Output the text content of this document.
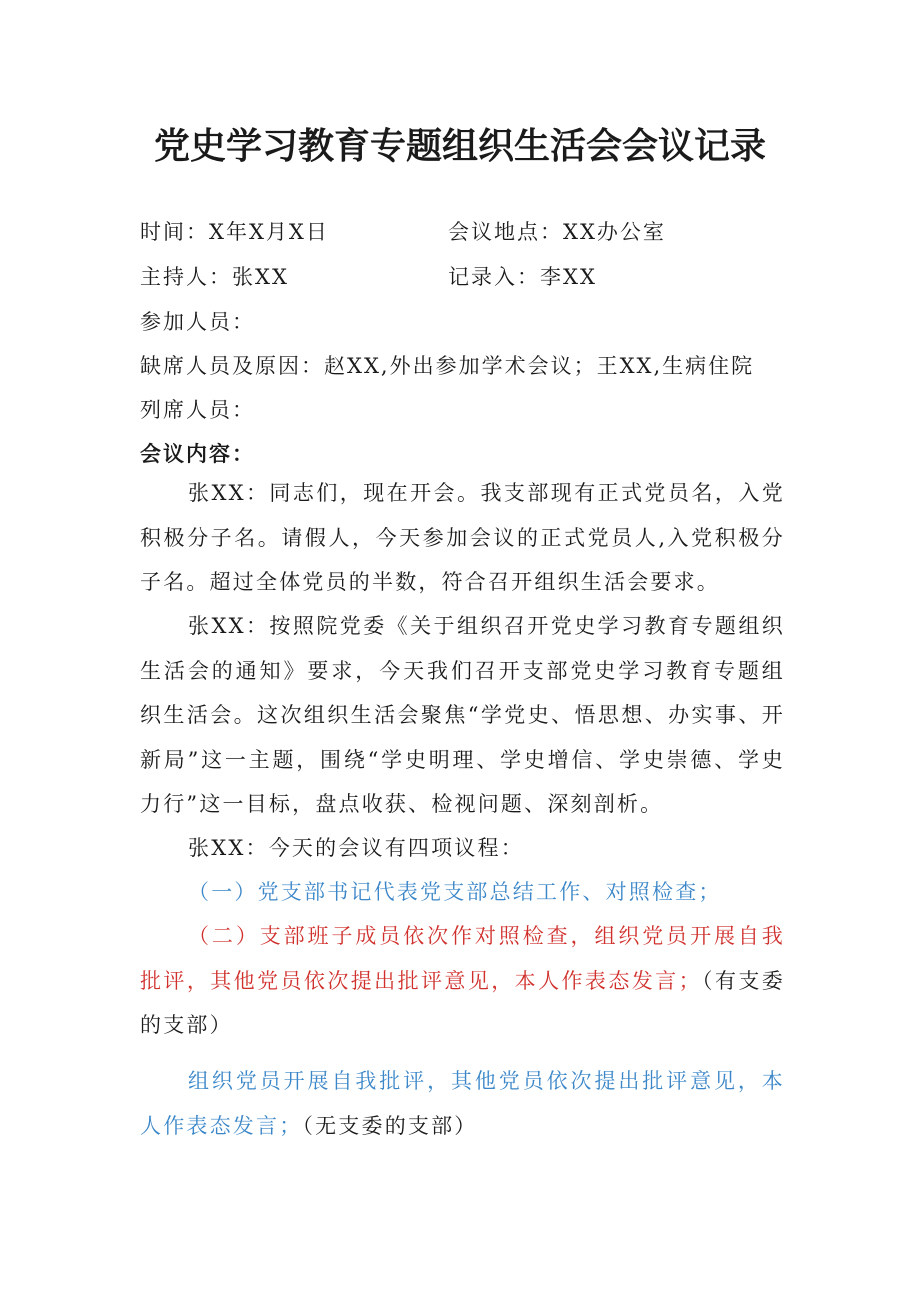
党史学习教育专题组织生活会会议记录
时间：X年X月X日	会议地点：XX办公室
主持人：张XX	记录入：李XX
参加人员：
缺席人员及原因：赵XX,外出参加学术会议；王XX,生病住院
列席人员：
会议内容：
张XX：同志们，现在开会。我支部现有正式党员名，入党积极分子名。请假人，今天参加会议的正式党员人,入党积极分子名。超过全体党员的半数，符合召开组织生活会要求。
张XX：按照院党委《关于组织召开党史学习教育专题组织生活会的通知》要求，今天我们召开支部党史学习教育专题组织生活会。这次组织生活会聚焦“学党史、悟思想、办实事、开新局”这一主题，围绕“学史明理、学史增信、学史崇德、学史力行”这一目标，盘点收获、检视问题、深刻剖析。
张XX：今天的会议有四项议程：
（一）党支部书记代表党支部总结工作、对照检查；
（二）支部班子成员依次作对照检查，组织党员开展自我批评，其他党员依次提出批评意见，本人作表态发言；（有支委的支部）
组织党员开展自我批评，其他党员依次提出批评意见，本人作表态发言；（无支委的支部）
